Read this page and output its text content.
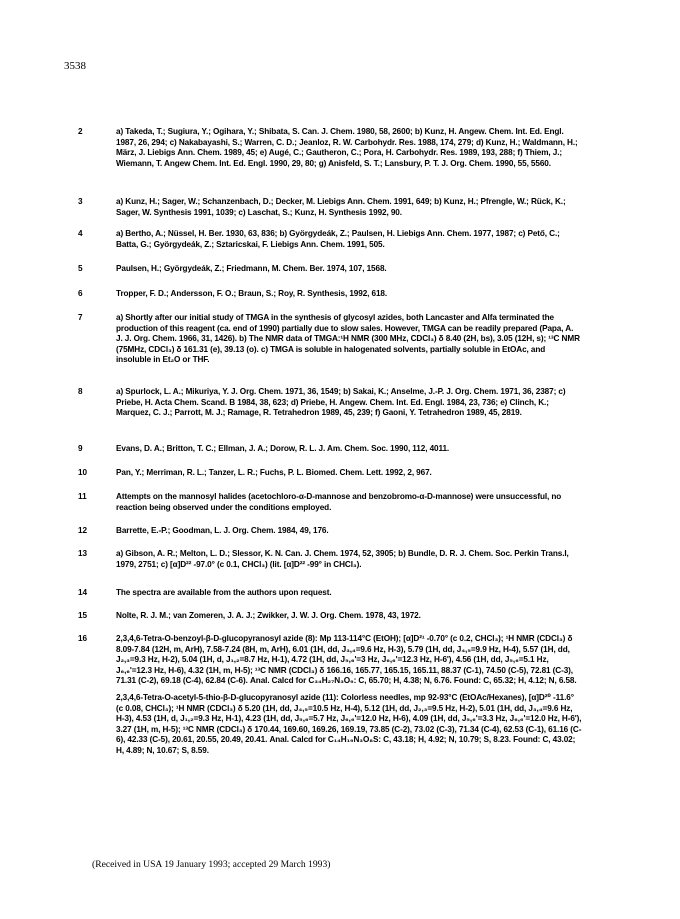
3538
2	a) Takeda, T.; Sugiura, Y.; Ogihara, Y.; Shibata, S. Can. J. Chem. 1980, 58, 2600; b) Kunz, H. Angew. Chem. Int. Ed. Engl. 1987, 26, 294; c) Nakabayashi, S.; Warren, C. D.; Jeanloz, R. W. Carbohydr. Res. 1988, 174, 279; d) Kunz, H.; Waldmann, H.; März, J. Liebigs Ann. Chem. 1989, 45; e) Augé, C.; Gautheron, C.; Pora, H. Carbohydr. Res. 1989, 193, 288; f) Thiem, J.; Wiemann, T. Angew Chem. Int. Ed. Engl. 1990, 29, 80; g) Anisfeld, S. T.; Lansbury, P. T. J. Org. Chem. 1990, 55, 5560.

3	a) Kunz, H.; Sager, W.; Schanzenbach, D.; Decker, M. Liebigs Ann. Chem. 1991, 649; b) Kunz, H.; Pfrengle, W.; Rück, K.; Sager, W. Synthesis 1991, 1039; c) Laschat, S.; Kunz, H. Synthesis 1992, 90.

4	a) Bertho, A.; Nüssel, H. Ber. 1930, 63, 836; b) Györgydeák, Z.; Paulsen, H. Liebigs Ann. Chem. 1977, 1987; c) Pető, C.; Batta, G.; Györgydeák, Z.; Sztaricskai, F. Liebigs Ann. Chem. 1991, 505.

5	Paulsen, H.; Györgydeák, Z.; Friedmann, M. Chem. Ber. 1974, 107, 1568.

6	Tropper, F. D.; Andersson, F. O.; Braun, S.; Roy, R. Synthesis, 1992, 618.

7	a) Shortly after our initial study of TMGA in the synthesis of glycosyl azides, both Lancaster and Alfa terminated the production of this reagent (ca. end of 1990) partially due to slow sales. However, TMGA can be readily prepared (Papa, A. J. J. Org. Chem. 1966, 31, 1426). b) The NMR data of TMGA:¹H NMR (300 MHz, CDCl₃) δ 8.40 (2H, bs), 3.05 (12H, s); ¹³C NMR (75MHz, CDCl₃) δ 161.31 (e), 39.13 (o). c) TMGA is soluble in halogenated solvents, partially soluble in EtOAc, and insoluble in Et₂O or THF.

8	a) Spurlock, L. A.; Mikuriya, Y. J. Org. Chem. 1971, 36, 1549; b) Sakai, K.; Anselme, J.-P. J. Org. Chem. 1971, 36, 2387; c) Priebe, H. Acta Chem. Scand. B 1984, 38, 623; d) Priebe, H. Angew. Chem. Int. Ed. Engl. 1984, 23, 736; e) Clinch, K.; Marquez, C. J.; Parrott, M. J.; Ramage, R. Tetrahedron 1989, 45, 239; f) Gaoni, Y. Tetrahedron 1989, 45, 2819.

9	Evans, D. A.; Britton, T. C.; Ellman, J. A.; Dorow, R. L. J. Am. Chem. Soc. 1990, 112, 4011.

10	Pan, Y.; Merriman, R. L.; Tanzer, L. R.; Fuchs, P. L. Biomed. Chem. Lett. 1992, 2, 967.

11	Attempts on the mannosyl halides (acetochloro-α-D-mannose and benzobromo-α-D-mannose) were unsuccessful, no reaction being observed under the conditions employed.

12	Barrette, E.-P.; Goodman, L. J. Org. Chem. 1984, 49, 176.

13	a) Gibson, A. R.; Melton, L. D.; Slessor, K. N. Can. J. Chem. 1974, 52, 3905; b) Bundle, D. R. J. Chem. Soc. Perkin Trans.I, 1979, 2751; c) [α]D²² -97.0° (c 0.1, CHCl₃) (lit. [α]D²² -99° in CHCl₃).

14	The spectra are available from the authors upon request.

15	Nolte, R. J. M.; van Zomeren, J. A. J.; Zwikker, J. W. J. Org. Chem. 1978, 43, 1972.

16	2,3,4,6-Tetra-O-benzoyl-β-D-glucopyranosyl azide (8): Mp 113-114°C (EtOH); [α]D²¹ -0.70° (c 0.2, CHCl₃); ¹H NMR (CDCl₃) δ 8.09-7.84 (12H, m, ArH), 7.58-7.24 (8H, m, ArH), 6.01 (1H, dd, J₃,₄=9.6 Hz, H-3), 5.79 (1H, dd, J₄,₅=9.9 Hz, H-4), 5.57 (1H, dd, J₂,₃=9.3 Hz, H-2), 5.04 (1H, d, J₁,₂=8.7 Hz, H-1), 4.72 (1H, dd, J₅,₆'=3 Hz, J₆,₆'=12.3 Hz, H-6'), 4.56 (1H, dd, J₅,₆=5.1 Hz, J₆,₆'=12.3 Hz, H-6), 4.32 (1H, m, H-5); ¹³C NMR (CDCl₃) δ 166.16, 165.77, 165.15, 165.11, 88.37 (C-1), 74.50 (C-5), 72.81 (C-3), 71.31 (C-2), 69.18 (C-4), 62.84 (C-6). Anal. Calcd for C₃₄H₂₇N₃O₉: C, 65.70; H, 4.38; N, 6.76. Found: C, 65.32; H, 4.12; N, 6.58.

2,3,4,6-Tetra-O-acetyl-5-thio-β-D-glucopyranosyl azide (11): Colorless needles, mp 92-93°C (EtOAc/Hexanes), [α]D²⁰ -11.6° (c 0.08, CHCl₃); ¹H NMR (CDCl₃) δ 5.20 (1H, dd, J₄,₅=10.5 Hz, H-4), 5.12 (1H, dd, J₂,₃=9.5 Hz, H-2), 5.01 (1H, dd, J₃,₄=9.6 Hz, H-3), 4.53 (1H, d, J₁,₂=9.3 Hz, H-1), 4.23 (1H, dd, J₅,₆=5.7 Hz, J₆,₆'=12.0 Hz, H-6), 4.09 (1H, dd, J₅,₆'=3.3 Hz, J₆,₆'=12.0 Hz, H-6'), 3.27 (1H, m, H-5); ¹³C NMR (CDCl₃) δ 170.44, 169.60, 169.26, 169.19, 73.85 (C-2), 73.02 (C-3), 71.34 (C-4), 62.53 (C-1), 61.16 (C-6), 42.33 (C-5), 20.61, 20.55, 20.49, 20.41. Anal. Calcd for C₁₄H₁₉N₃O₈S: C, 43.18; H, 4.92; N, 10.79; S, 8.23. Found: C, 43.02; H, 4.89; N, 10.67; S, 8.59.

(Received in USA 19 January 1993; accepted 29 March 1993)
